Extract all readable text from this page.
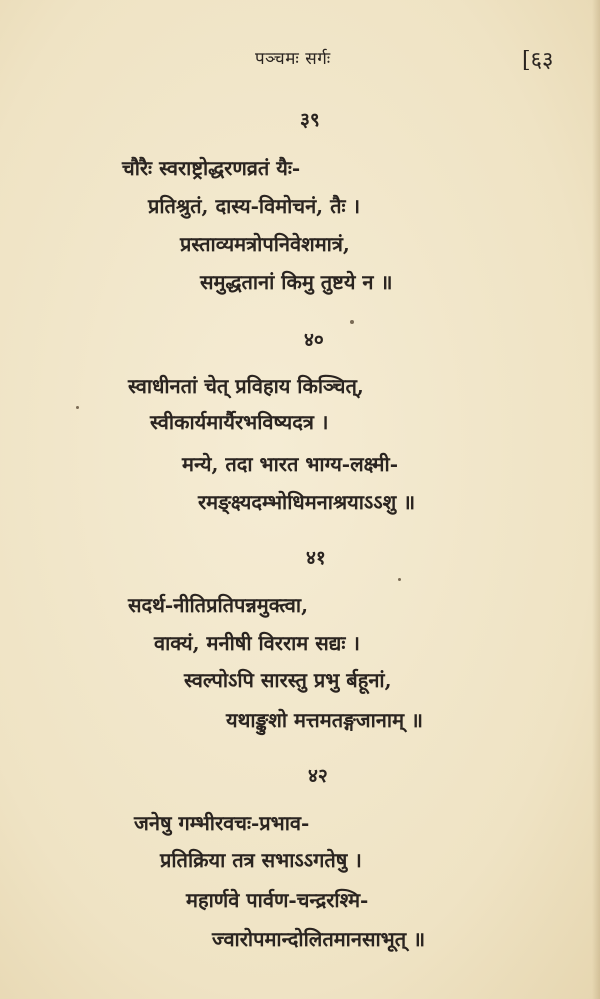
पञ्चमः सर्गः	[६३
३९
चौरैः स्वराष्ट्रोद्धरणव्रतं यैः-
प्रतिश्रुतं, दास्य-विमोचनं, तैः ।
प्रस्ताव्यमत्रोपनिवेशमात्रं,
समुद्धतानां किमु तुष्टये न ॥
४०
स्वाधीनतां चेत् प्रविहाय किञ्चित्,
स्वीकार्यमार्यैरभविष्यदत्र ।
मन्ये, तदा भारत भाग्य-लक्ष्मी-
रमङ्क्ष्यदम्भोधिमनाश्रयाऽऽशु ॥
४१
सदर्थ-नीतिप्रतिपन्नमुक्त्वा,
वाक्यं, मनीषी विरराम सद्यः ।
स्वल्पोऽपि सारस्तु प्रभु र्बहूनां,
यथाङ्कुशो मत्तमतङ्गजानाम् ॥
४२
जनेषु गम्भीरवचः-प्रभाव-
प्रतिक्रिया तत्र सभाऽऽगतेषु ।
महार्णवे पार्वण-चन्द्ररश्मि-
ज्वारोपमान्दोलितमानसाभूत् ॥
